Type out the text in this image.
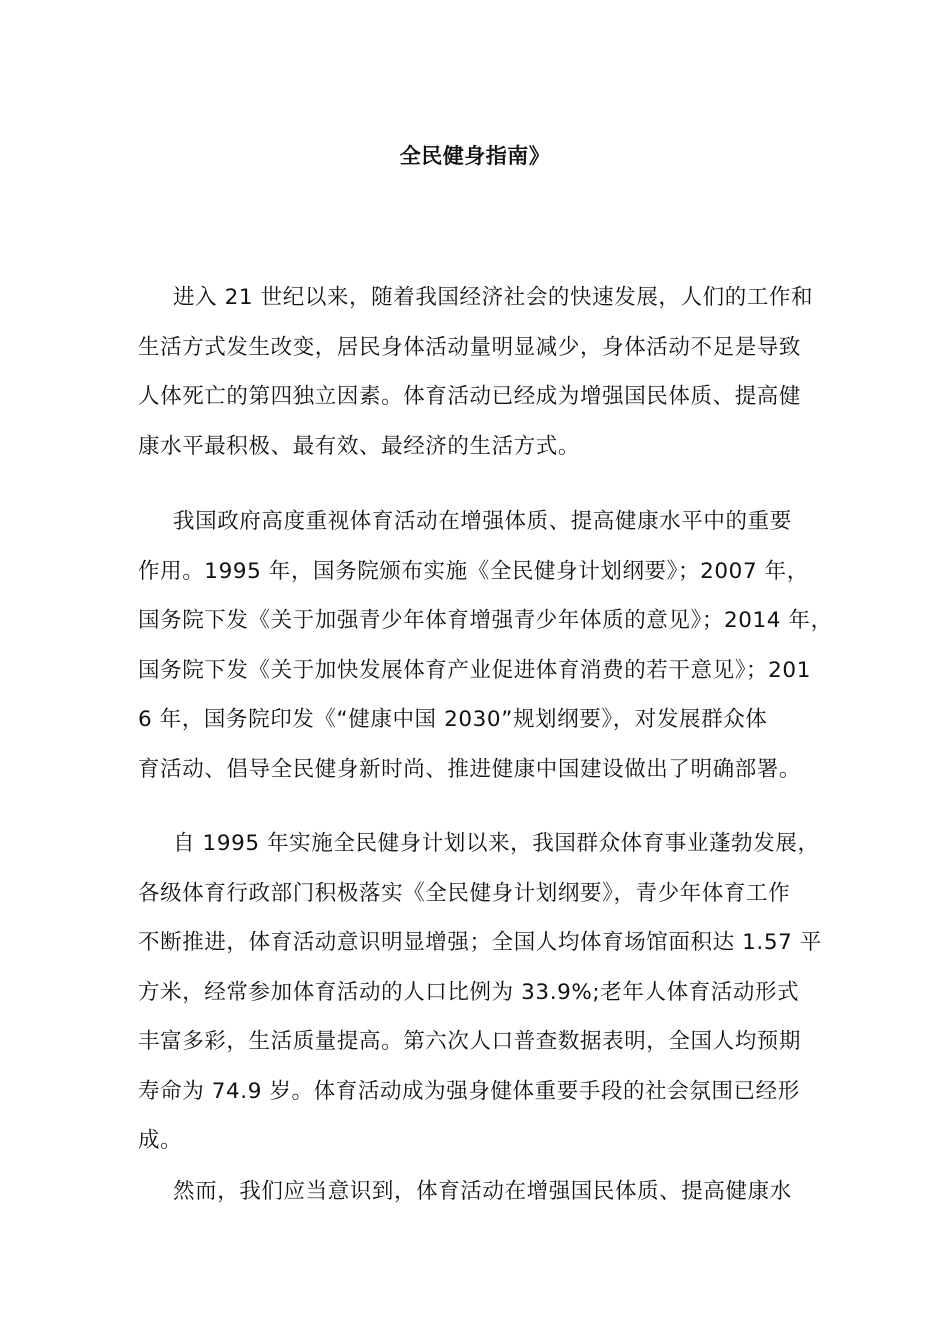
全民健身指南》
进入 21 世纪以来，随着我国经济社会的快速发展，人们的工作和
生活方式发生改变，居民身体活动量明显减少，身体活动不足是导致
人体死亡的第四独立因素。体育活动已经成为增强国民体质、提高健
康水平最积极、最有效、最经济的生活方式。
我国政府高度重视体育活动在增强体质、提高健康水平中的重要
作用。1995 年，国务院颁布实施《全民健身计划纲要》；2007 年，
国务院下发《关于加强青少年体育增强青少年体质的意见》；2014 年，
国务院下发《关于加快发展体育产业促进体育消费的若干意见》；201
6 年，国务院印发《“健康中国 2030”规划纲要》，对发展群众体
育活动、倡导全民健身新时尚、推进健康中国建设做出了明确部署。
自 1995 年实施全民健身计划以来，我国群众体育事业蓬勃发展，
各级体育行政部门积极落实《全民健身计划纲要》，青少年体育工作
不断推进，体育活动意识明显增强；全国人均体育场馆面积达 1.57 平
方米，经常参加体育活动的人口比例为 33.9%;老年人体育活动形式
丰富多彩，生活质量提高。第六次人口普查数据表明，全国人均预期
寿命为 74.9 岁。体育活动成为强身健体重要手段的社会氛围已经形
成。
然而，我们应当意识到，体育活动在增强国民体质、提高健康水
